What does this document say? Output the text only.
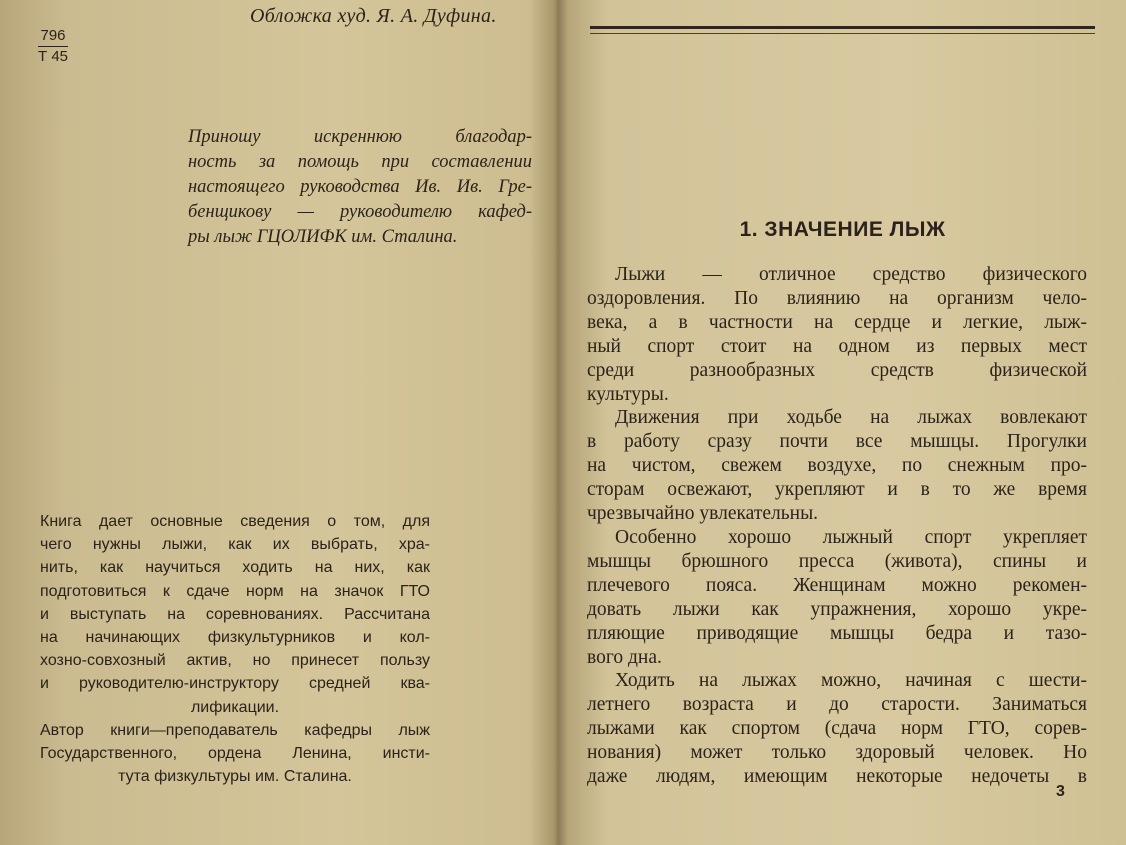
Обложка худ. Я. А. Дуфина.
796
Т 45
Приношу искреннюю благодар-
ность за помощь при составлении
настоящего руководства Ив. Ив. Гре-
бенщикову — руководителю кафед-
ры лыж ГЦОЛИФК им. Сталина.
Книга дает основные сведения о том, для
чего нужны лыжи, как их выбрать, хра-
нить, как научиться ходить на них, как
подготовиться к сдаче норм на значок ГТО
и выступать на соревнованиях. Рассчитана
на начинающих физкультурников и кол-
хозно-совхозный актив, но принесет пользу
и руководителю-инструктору средней ква-
лификации.
Автор книги—преподаватель кафедры лыж
Государственного, ордена Ленина, инсти-
тута физкультуры им. Сталина.
1. ЗНАЧЕНИЕ ЛЫЖ
Лыжи — отличное средство физического
оздоровления. По влиянию на организм чело-
века, а в частности на сердце и легкие, лыж-
ный спорт стоит на одном из первых мест
среди разнообразных средств физической
культуры.
Движения при ходьбе на лыжах вовлекают
в работу сразу почти все мышцы. Прогулки
на чистом, свежем воздухе, по снежным про-
сторам освежают, укрепляют и в то же время
чрезвычайно увлекательны.
Особенно хорошо лыжный спорт укрепляет
мышцы брюшного пресса (живота), спины и
плечевого пояса. Женщинам можно рекомен-
довать лыжи как упражнения, хорошо укре-
пляющие приводящие мышцы бедра и тазо-
вого дна.
Ходить на лыжах можно, начиная с шести-
летнего возраста и до старости. Заниматься
лыжами как спортом (сдача норм ГТО, сорев-
нования) может только здоровый человек. Но
даже людям, имеющим некоторые недочеты в
3
